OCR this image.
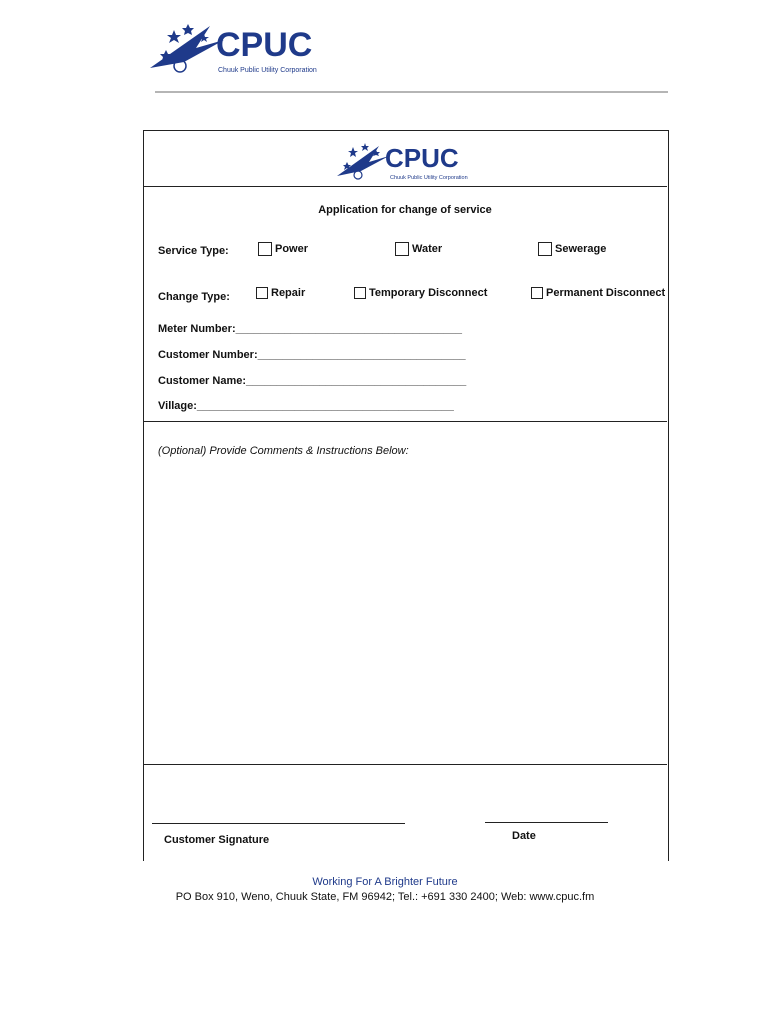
CPUC
Chuuk Public Utility Corporation
CPUC
Chuuk Public Utility Corporation
Application for change of service
Service Type:	Power	Water	Sewerage
Change Type:	Repair	Temporary Disconnect	Permanent Disconnect
Meter Number:_____________________________________
Customer Number:__________________________________
Customer Name:____________________________________
Village:__________________________________________
(Optional) Provide Comments & Instructions Below:
Customer Signature	Date
Working For A Brighter Future
PO Box 910, Weno, Chuuk State, FM 96942; Tel.: +691 330 2400; Web: www.cpuc.fm
